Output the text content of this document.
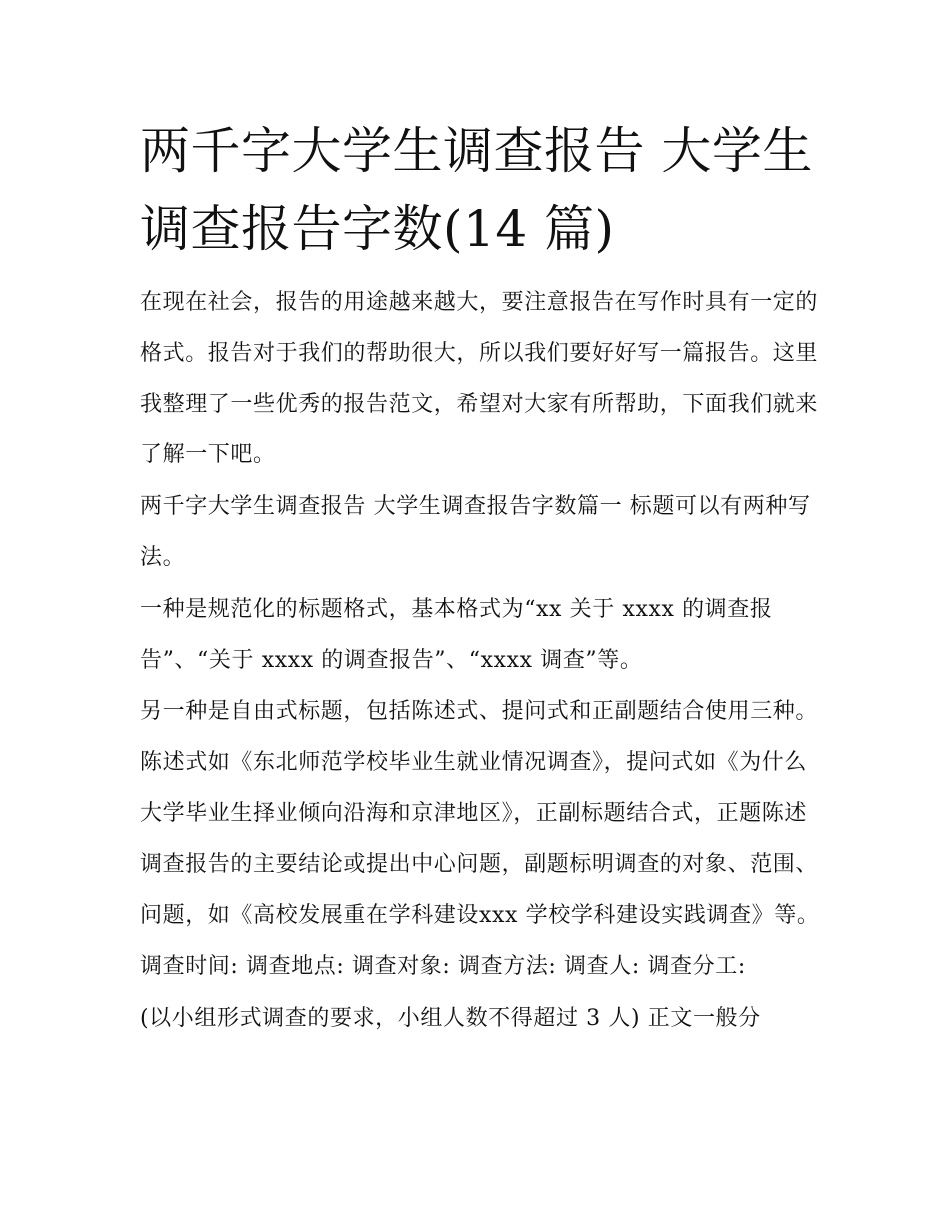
两千字大学生调查报告 大学生调查报告字数(14 篇)

在现在社会，报告的用途越来越大，要注意报告在写作时具有一定的格式。报告对于我们的帮助很大，所以我们要好好写一篇报告。这里我整理了一些优秀的报告范文，希望对大家有所帮助，下面我们就来了解一下吧。

两千字大学生调查报告 大学生调查报告字数篇一 标题可以有两种写法。

一种是规范化的标题格式，基本格式为“xx 关于 xxxx 的调查报告”、“关于 xxxx 的调查报告”、“xxxx 调查”等。

另一种是自由式标题，包括陈述式、提问式和正副题结合使用三种。陈述式如《东北师范学校毕业生就业情况调查》，提问式如《为什么大学毕业生择业倾向沿海和京津地区》，正副标题结合式，正题陈述调查报告的主要结论或提出中心问题，副题标明调查的对象、范围、问题，如《高校发展重在学科建设xxx 学校学科建设实践调查》等。

调查时间: 调查地点: 调查对象: 调查方法: 调查人: 调查分工:

(以小组形式调查的要求，小组人数不得超过 3 人) 正文一般分
